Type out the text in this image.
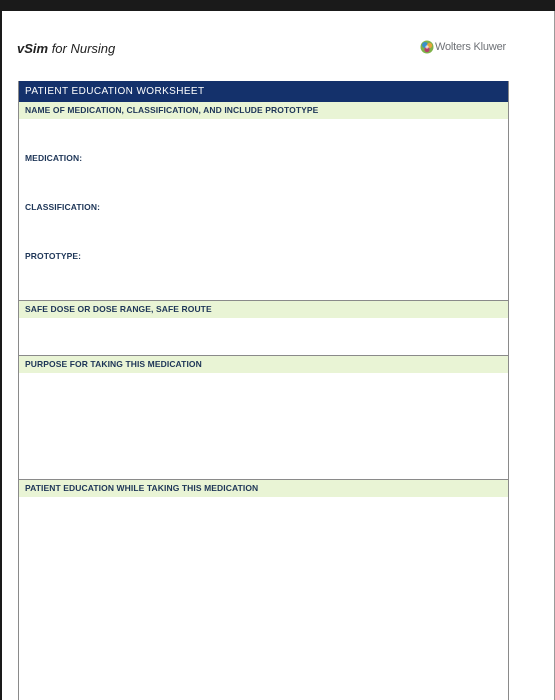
vSim for Nursing	Wolters Kluwer
PATIENT EDUCATION WORKSHEET
NAME OF MEDICATION, CLASSIFICATION, AND INCLUDE PROTOTYPE
MEDICATION:
CLASSIFICATION:
PROTOTYPE:
SAFE DOSE OR DOSE RANGE, SAFE ROUTE
PURPOSE FOR TAKING THIS MEDICATION
PATIENT EDUCATION WHILE TAKING THIS MEDICATION
